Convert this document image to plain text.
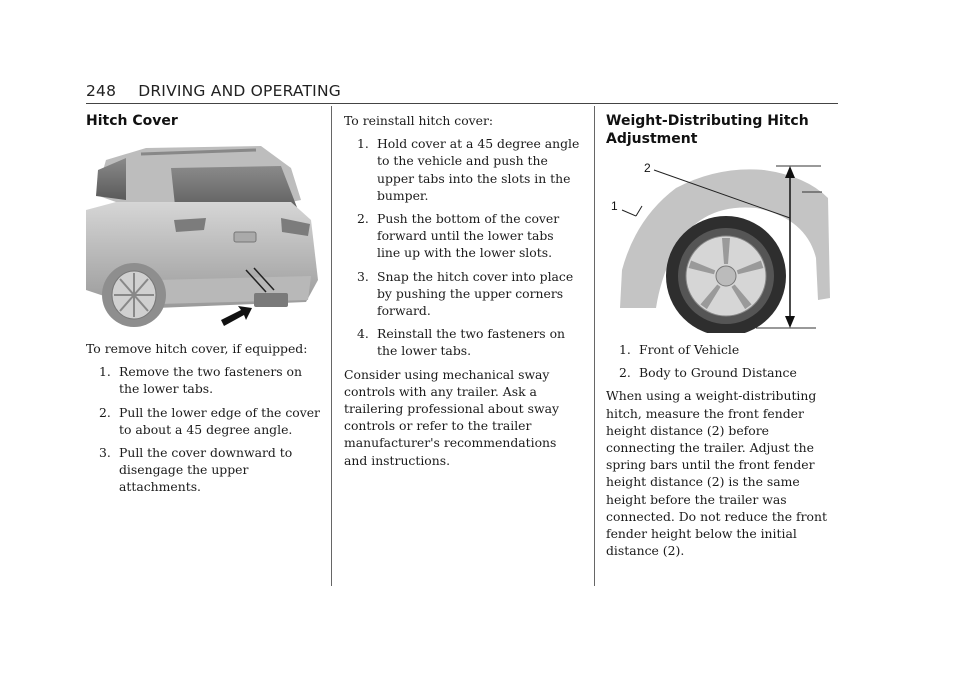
248 DRIVING AND OPERATING
Hitch Cover

To remove hitch cover, if equipped:

1. Remove the two fasteners on the lower tabs.
2. Pull the lower edge of the cover to about a 45 degree angle.
3. Pull the cover downward to disengage the upper attachments.

To reinstall hitch cover:

1. Hold cover at a 45 degree angle to the vehicle and push the upper tabs into the slots in the bumper.
2. Push the bottom of the cover forward until the lower tabs line up with the lower slots.
3. Snap the hitch cover into place by pushing the upper corners forward.
4. Reinstall the two fasteners on the lower tabs.

Consider using mechanical sway controls with any trailer. Ask a trailering professional about sway controls or refer to the trailer manufacturer's recommendations and instructions.

Weight-Distributing Hitch Adjustment
2
1
1. Front of Vehicle
2. Body to Ground Distance

When using a weight-distributing hitch, measure the front fender height distance (2) before connecting the trailer. Adjust the spring bars until the front fender height distance (2) is the same height before the trailer was connected. Do not reduce the front fender height below the initial distance (2).
